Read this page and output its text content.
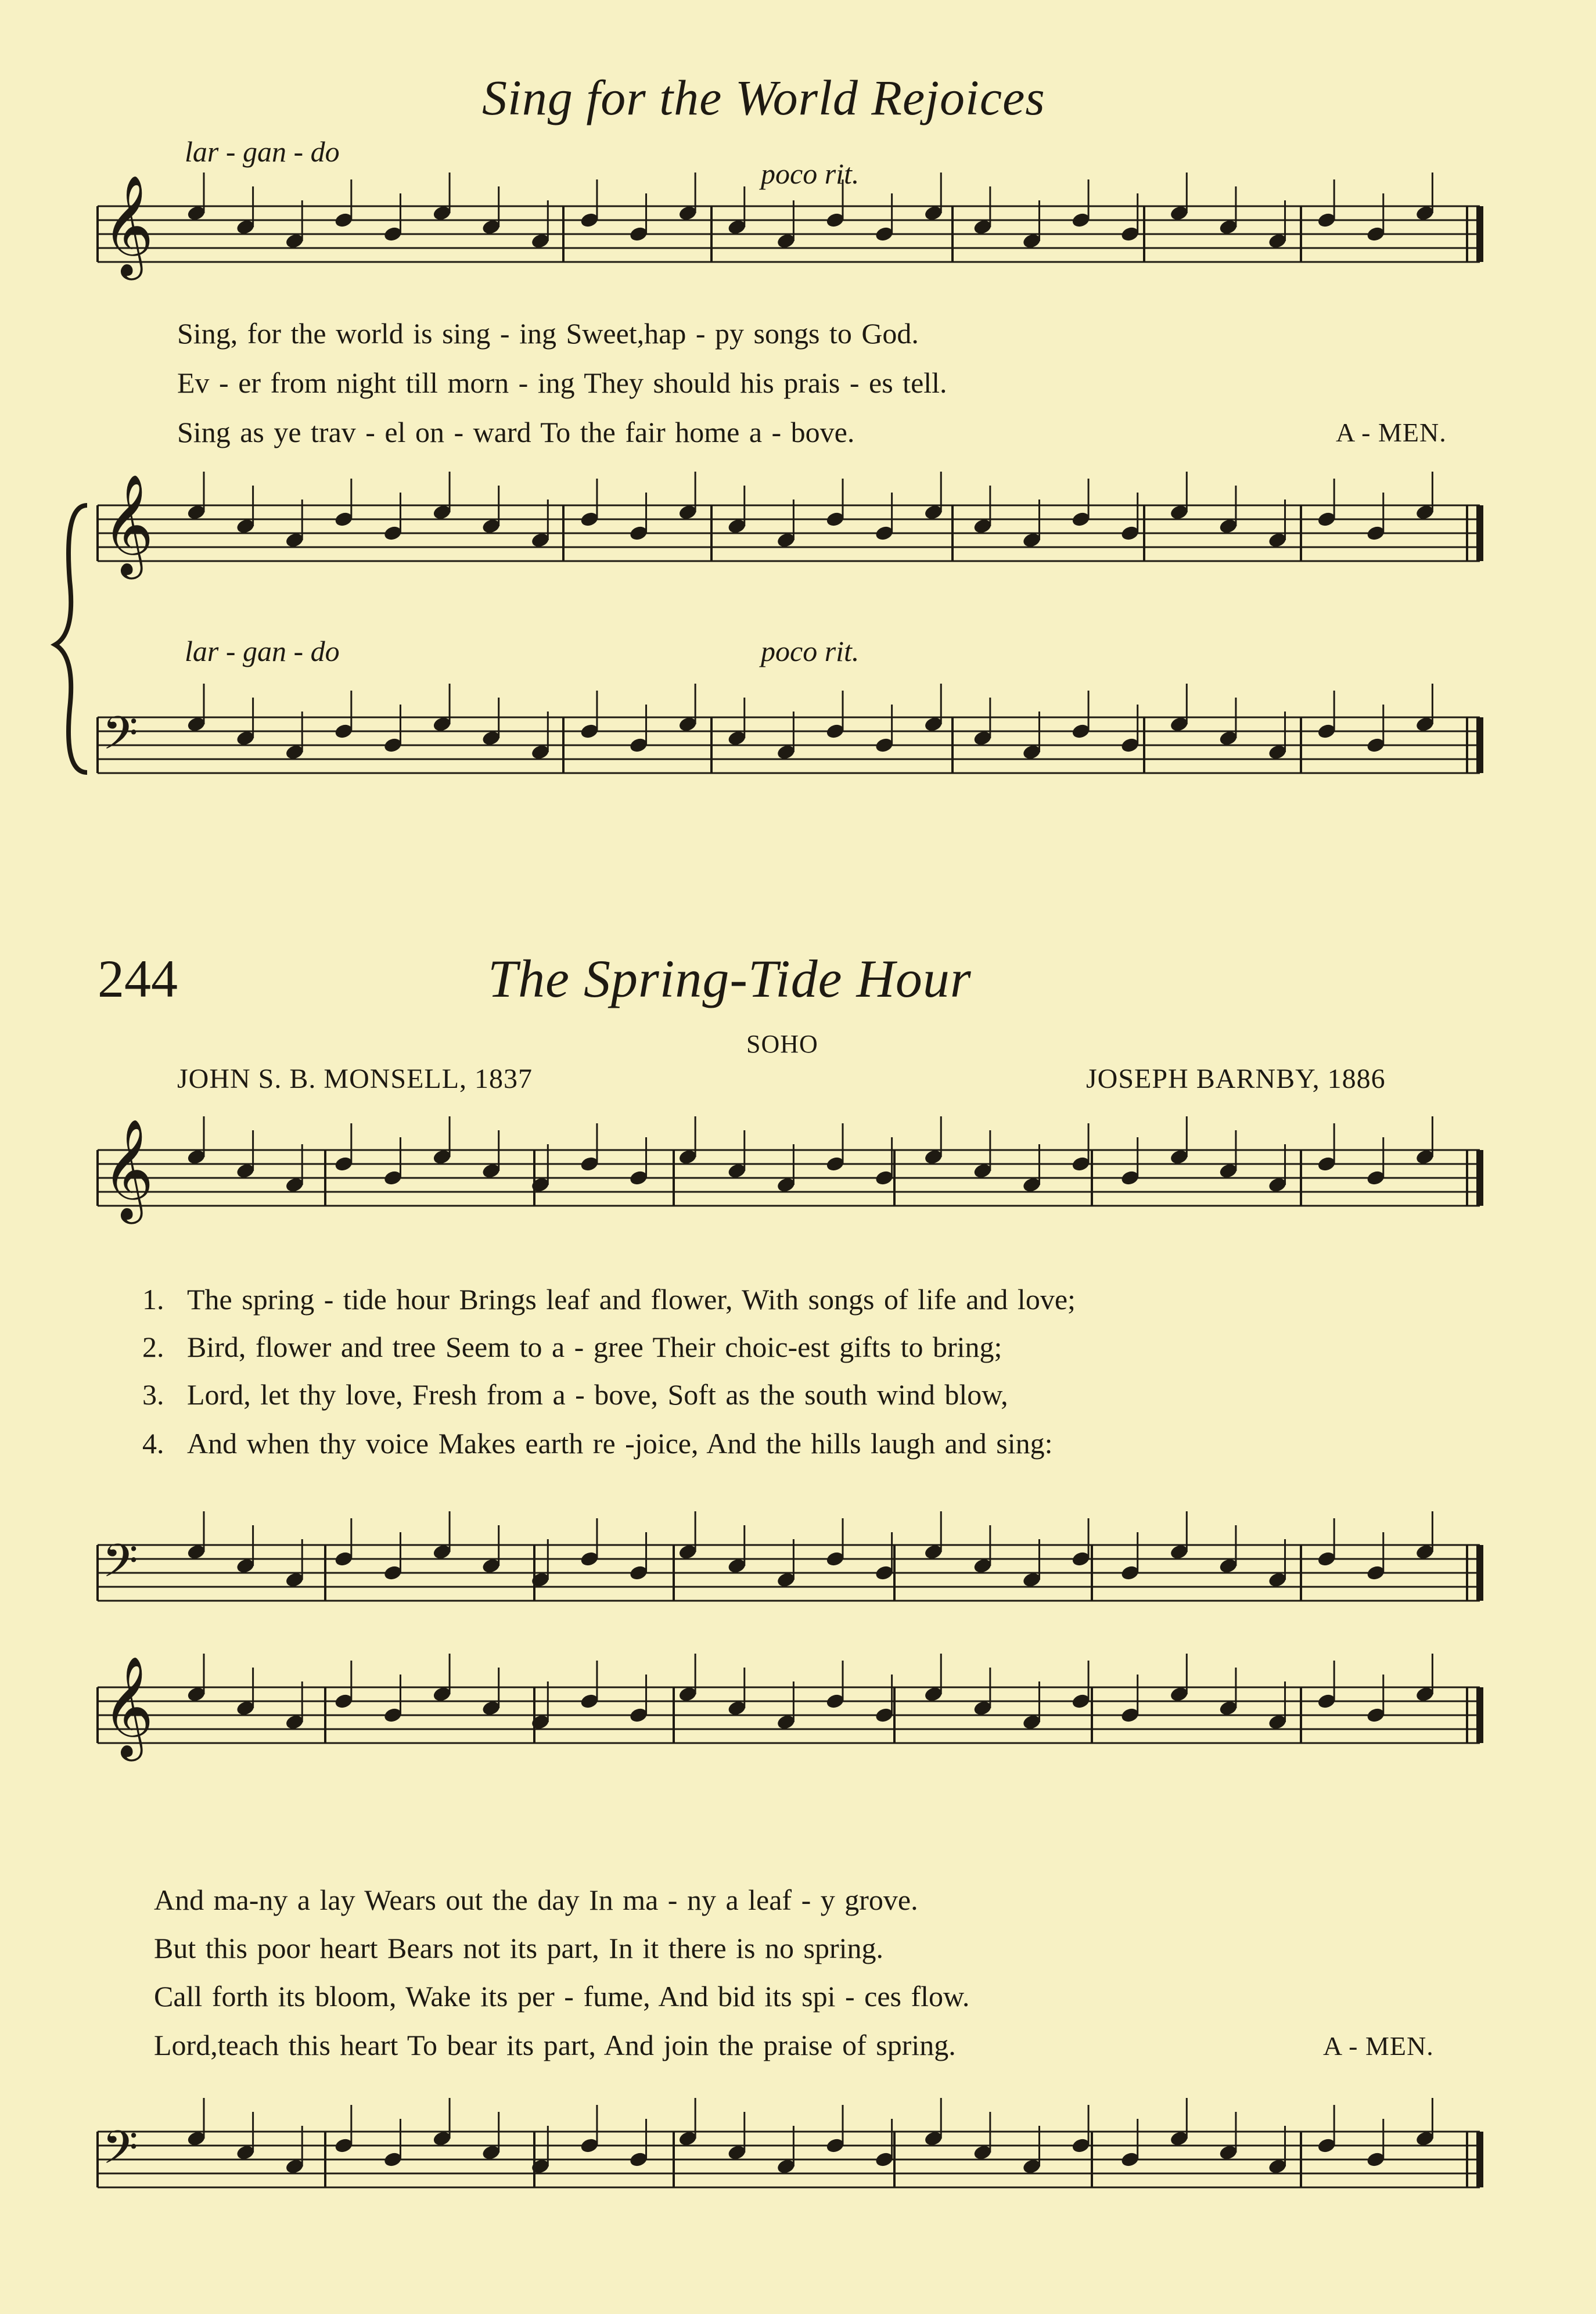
Sing for the World Rejoices
lar - gan - do
poco rit.
Sing, for the world is sing - ing Sweet,hap - py songs to God.
Ev - er from night till morn - ing They should his prais - es tell.
Sing as ye trav - el on - ward To the fair home a - bove.	A - MEN.
lar - gan - do	poco rit.
244	The Spring-Tide Hour
SOHO
JOHN S. B. MONSELL, 1837	JOSEPH BARNBY, 1886
1.
2.
3.
4.
The spring - tide hour Brings leaf and flower, With songs of life and love;
Bird, flower and tree Seem to a - gree Their choic-est gifts to bring;
Lord, let thy love, Fresh from a - bove, Soft as the south wind blow,
And when thy voice Makes earth re -joice, And the hills laugh and sing:
And ma-ny a lay Wears out the day In ma - ny a leaf - y grove.
But this poor heart Bears not its part, In it there is no spring.
Call forth its bloom, Wake its per - fume, And bid its spi - ces flow.
Lord,teach this heart To bear its part, And join the praise of spring.	A - MEN.
𝄞
𝄞
𝄢
𝄞
𝄢
𝄞
𝄢
